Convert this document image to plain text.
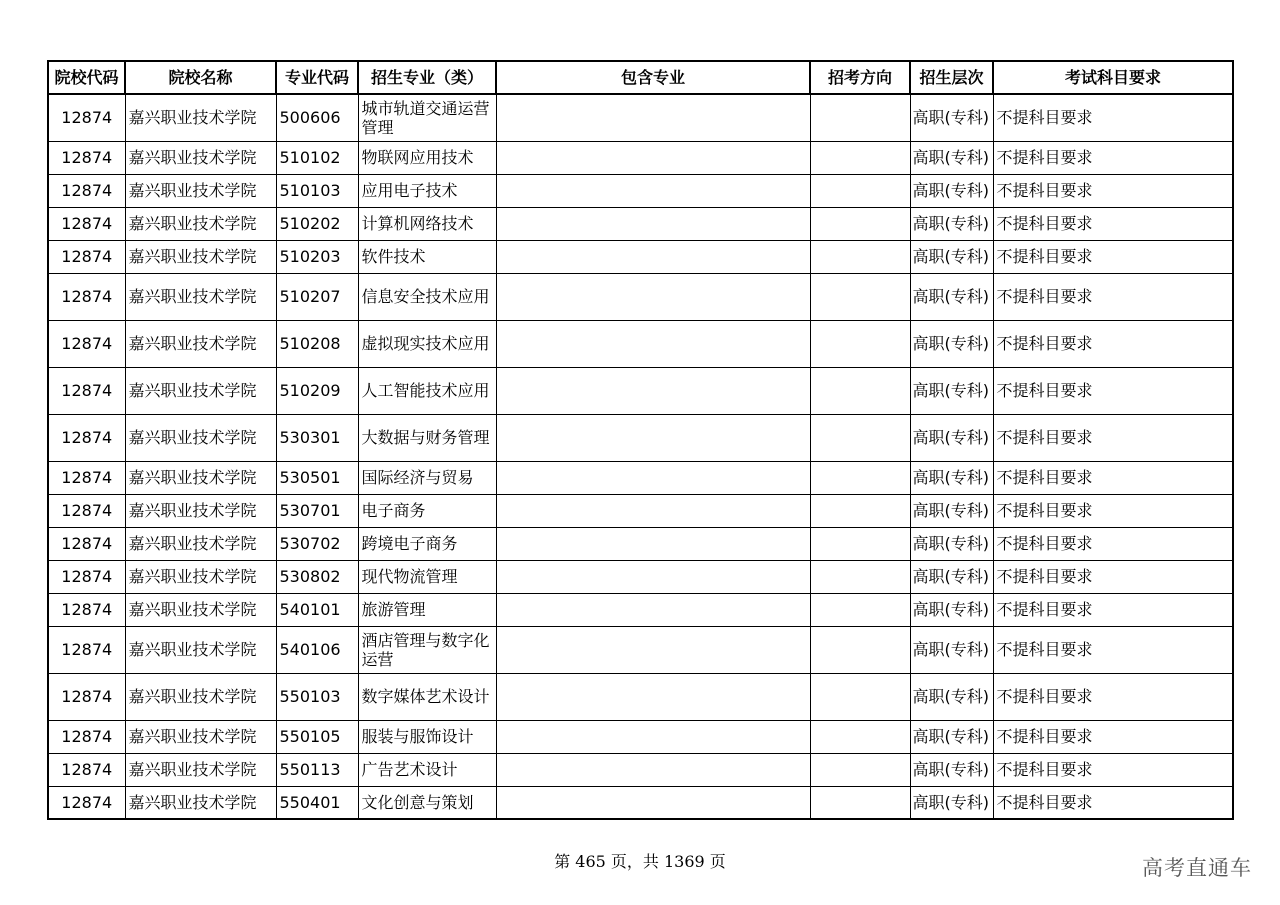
院校代码	院校名称	专业代码	招生专业（类）	包含专业	招考方向	招生层次	考试科目要求
12874	嘉兴职业技术学院	500606	城市轨道交通运营管理			高职(专科)	不提科目要求
12874	嘉兴职业技术学院	510102	物联网应用技术			高职(专科)	不提科目要求
12874	嘉兴职业技术学院	510103	应用电子技术			高职(专科)	不提科目要求
12874	嘉兴职业技术学院	510202	计算机网络技术			高职(专科)	不提科目要求
12874	嘉兴职业技术学院	510203	软件技术			高职(专科)	不提科目要求
12874	嘉兴职业技术学院	510207	信息安全技术应用			高职(专科)	不提科目要求
12874	嘉兴职业技术学院	510208	虚拟现实技术应用			高职(专科)	不提科目要求
12874	嘉兴职业技术学院	510209	人工智能技术应用			高职(专科)	不提科目要求
12874	嘉兴职业技术学院	530301	大数据与财务管理			高职(专科)	不提科目要求
12874	嘉兴职业技术学院	530501	国际经济与贸易			高职(专科)	不提科目要求
12874	嘉兴职业技术学院	530701	电子商务			高职(专科)	不提科目要求
12874	嘉兴职业技术学院	530702	跨境电子商务			高职(专科)	不提科目要求
12874	嘉兴职业技术学院	530802	现代物流管理			高职(专科)	不提科目要求
12874	嘉兴职业技术学院	540101	旅游管理			高职(专科)	不提科目要求
12874	嘉兴职业技术学院	540106	酒店管理与数字化运营			高职(专科)	不提科目要求
12874	嘉兴职业技术学院	550103	数字媒体艺术设计			高职(专科)	不提科目要求
12874	嘉兴职业技术学院	550105	服装与服饰设计			高职(专科)	不提科目要求
12874	嘉兴职业技术学院	550113	广告艺术设计			高职(专科)	不提科目要求
12874	嘉兴职业技术学院	550401	文化创意与策划			高职(专科)	不提科目要求
第 465 页，共 1369 页	高考直通车
